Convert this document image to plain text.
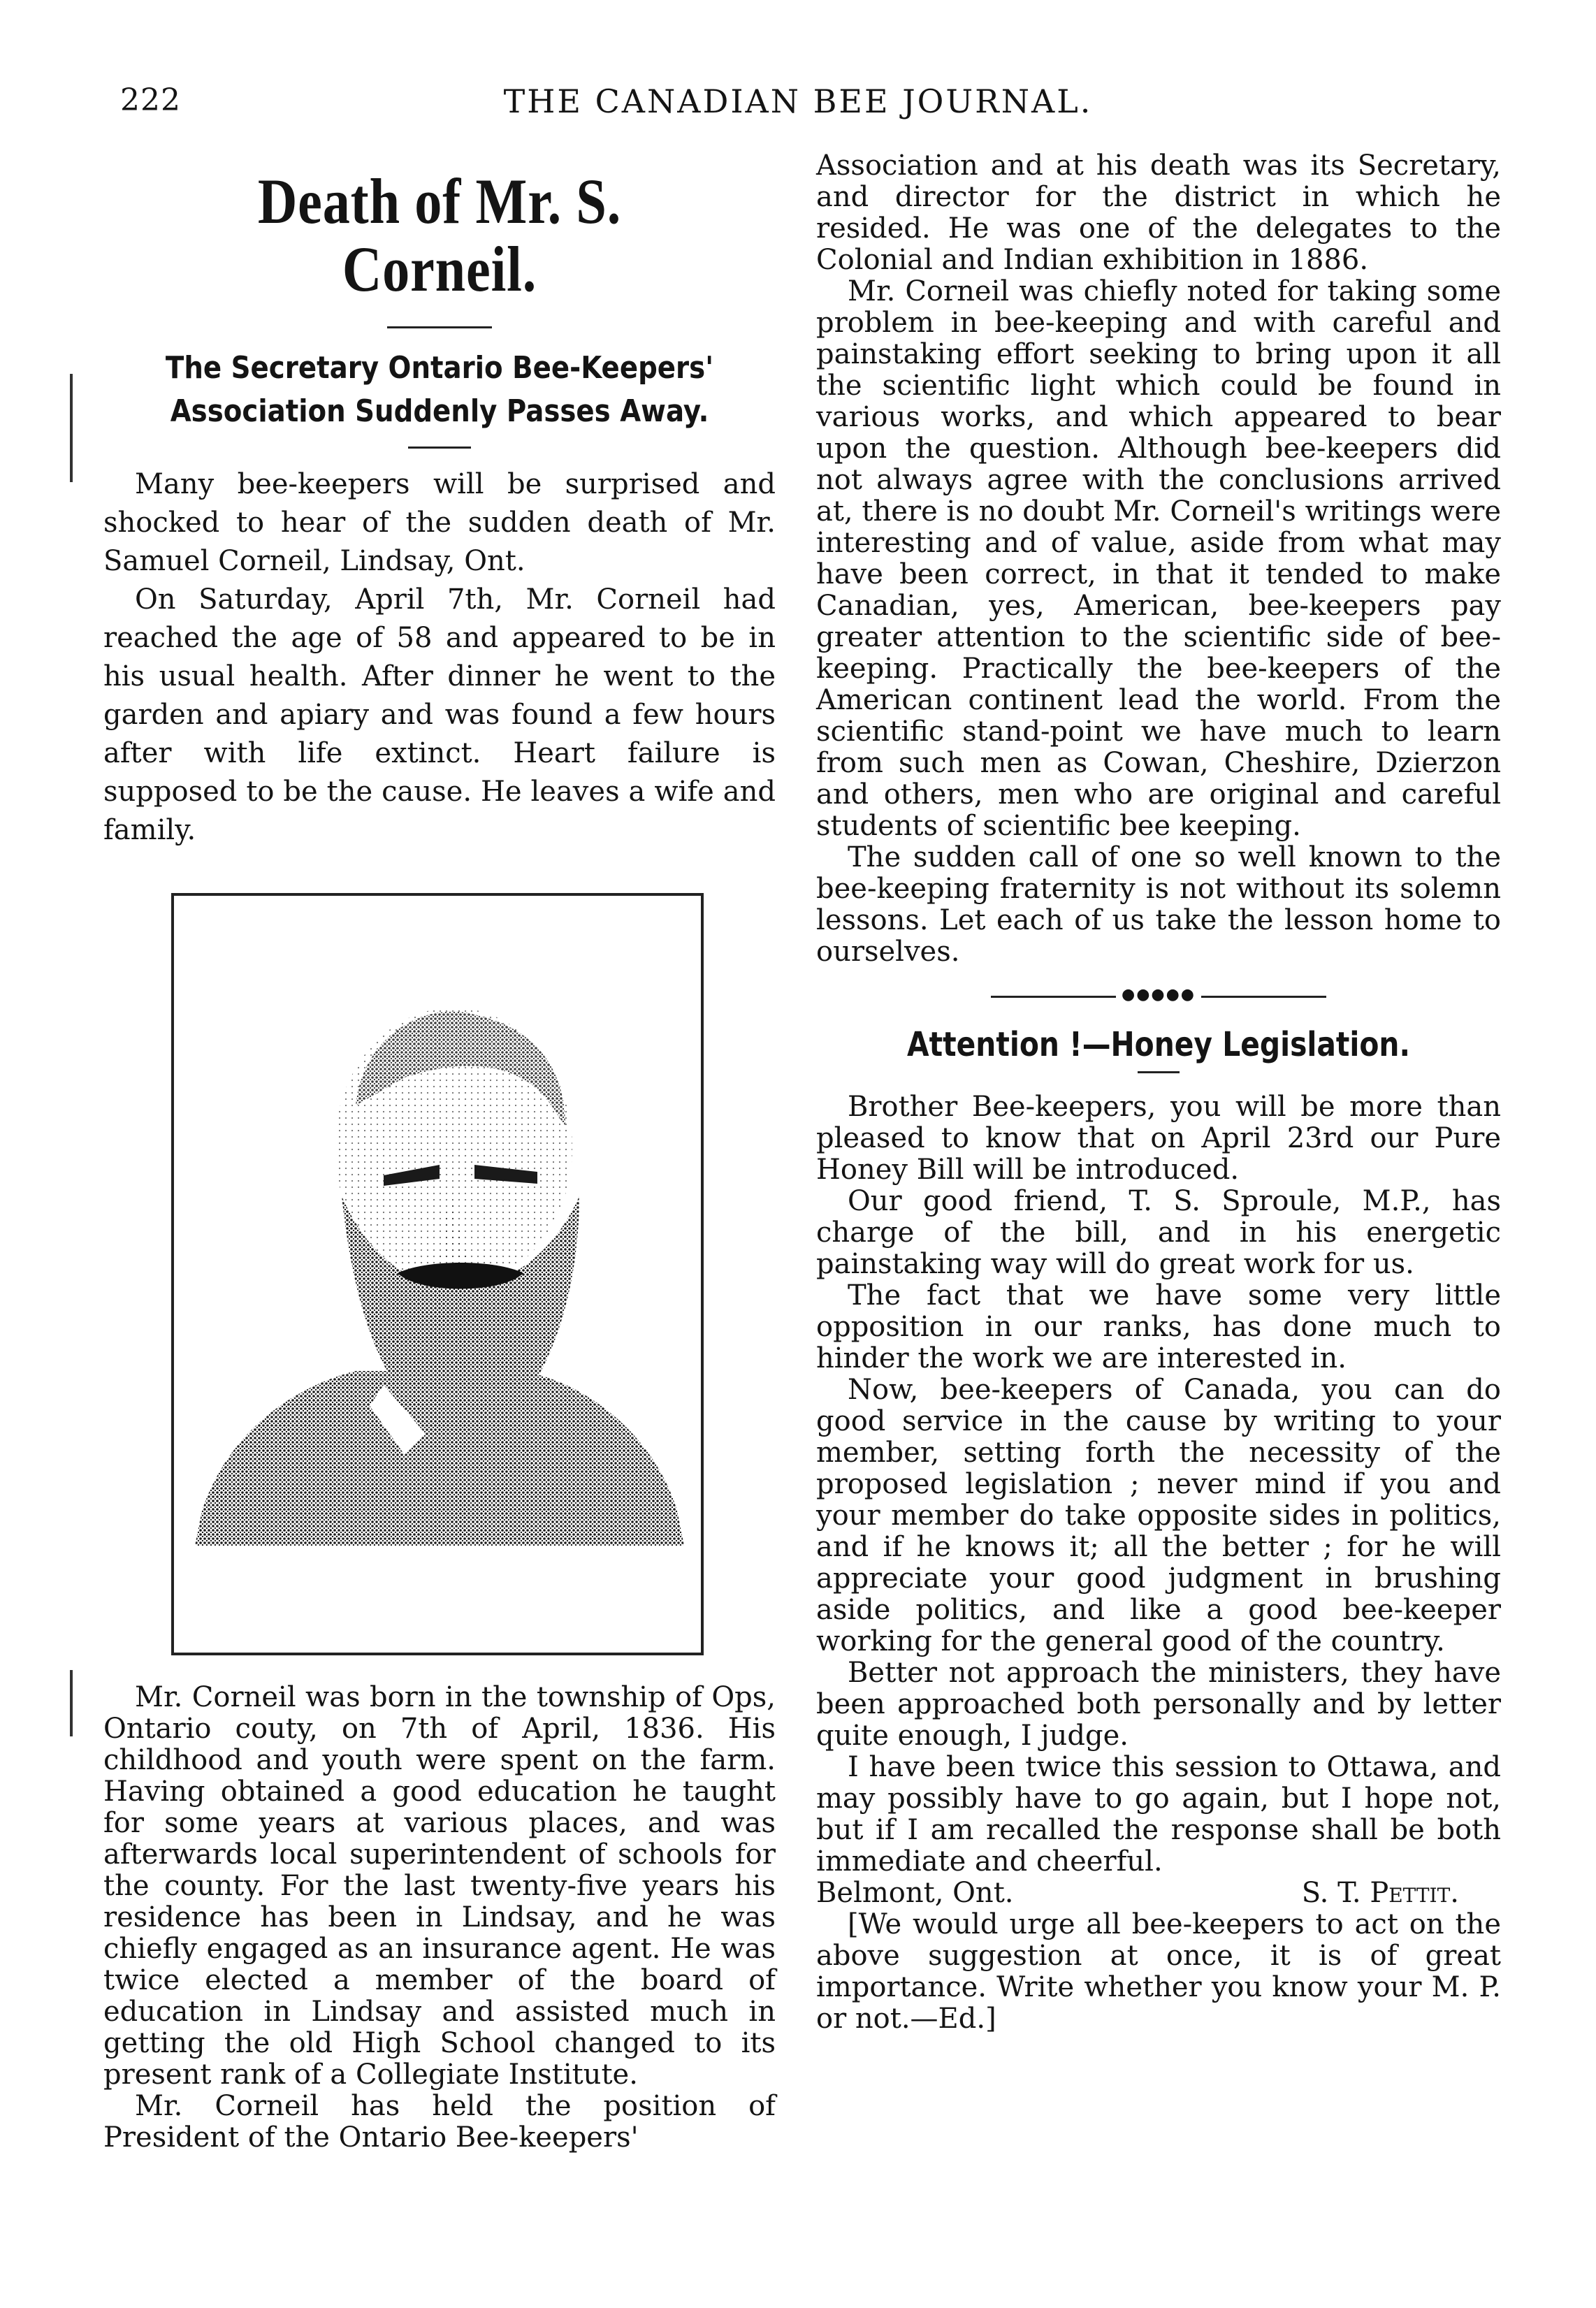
222	THE CANADIAN BEE JOURNAL.
Death of Mr. S. Corneil.
The Secretary Ontario Bee-Keepers' Association Suddenly Passes Away.

Many bee-keepers will be surprised and shocked to hear of the sudden death of Mr. Samuel Corneil, Lindsay, Ont.

On Saturday, April 7th, Mr. Corneil had reached the age of 58 and appeared to be in his usual health. After dinner he went to the garden and apiary and was found a few hours after with life extinct. Heart failure is supposed to be the cause. He leaves a wife and family.

Mr. Corneil was born in the township of Ops, Ontario couty, on 7th of April, 1836. His childhood and youth were spent on the farm. Having obtained a good education he taught for some years at various places, and was afterwards local superintendent of schools for the county. For the last twenty-five years his residence has been in Lindsay, and he was chiefly engaged as an insurance agent. He was twice elected a member of the board of education in Lindsay and assisted much in getting the old High School changed to its present rank of a Collegiate Institute.

Mr. Corneil has held the position of President of the Ontario Bee-keepers'

Association and at his death was its Secretary, and director for the district in which he resided. He was one of the delegates to the Colonial and Indian exhibition in 1886.

Mr. Corneil was chiefly noted for taking some problem in bee-keeping and with careful and painstaking effort seeking to bring upon it all the scientific light which could be found in various works, and which appeared to bear upon the question. Although bee-keepers did not always agree with the conclusions arrived at, there is no doubt Mr. Corneil's writings were interesting and of value, aside from what may have been correct, in that it tended to make Canadian, yes, American, bee-keepers pay greater attention to the scientific side of bee- keeping. Practically the bee-keepers of the American continent lead the world. From the scientific stand-point we have much to learn from such men as Cowan, Cheshire, Dzierzon and others, men who are original and careful students of scientific bee keeping.

The sudden call of one so well known to the bee-keeping fraternity is not without its solemn lessons. Let each of us take the lesson home to ourselves.

●●●●●
Attention !—Honey Legislation.

Brother Bee-keepers, you will be more than pleased to know that on April 23rd our Pure Honey Bill will be introduced.

Our good friend, T. S. Sproule, M.P., has charge of the bill, and in his energetic painstaking way will do great work for us.

The fact that we have some very little opposition in our ranks, has done much to hinder the work we are interested in.

Now, bee-keepers of Canada, you can do good service in the cause by writing to your member, setting forth the necessity of the proposed legislation ; never mind if you and your member do take opposite sides in politics, and if he knows it; all the better ; for he will appreciate your good judgment in brushing aside politics, and like a good bee-keeper working for the general good of the country.

Better not approach the ministers, they have been approached both personally and by letter quite enough, I judge.

I have been twice this session to Ottawa, and may possibly have to go again, but I hope not, but if I am recalled the response shall be both immediate and cheerful.

Belmont, Ont.	S. T. Pettit.

[We would urge all bee-keepers to act on the above suggestion at once, it is of great importance. Write whether you know your M. P. or not.—Ed.]
